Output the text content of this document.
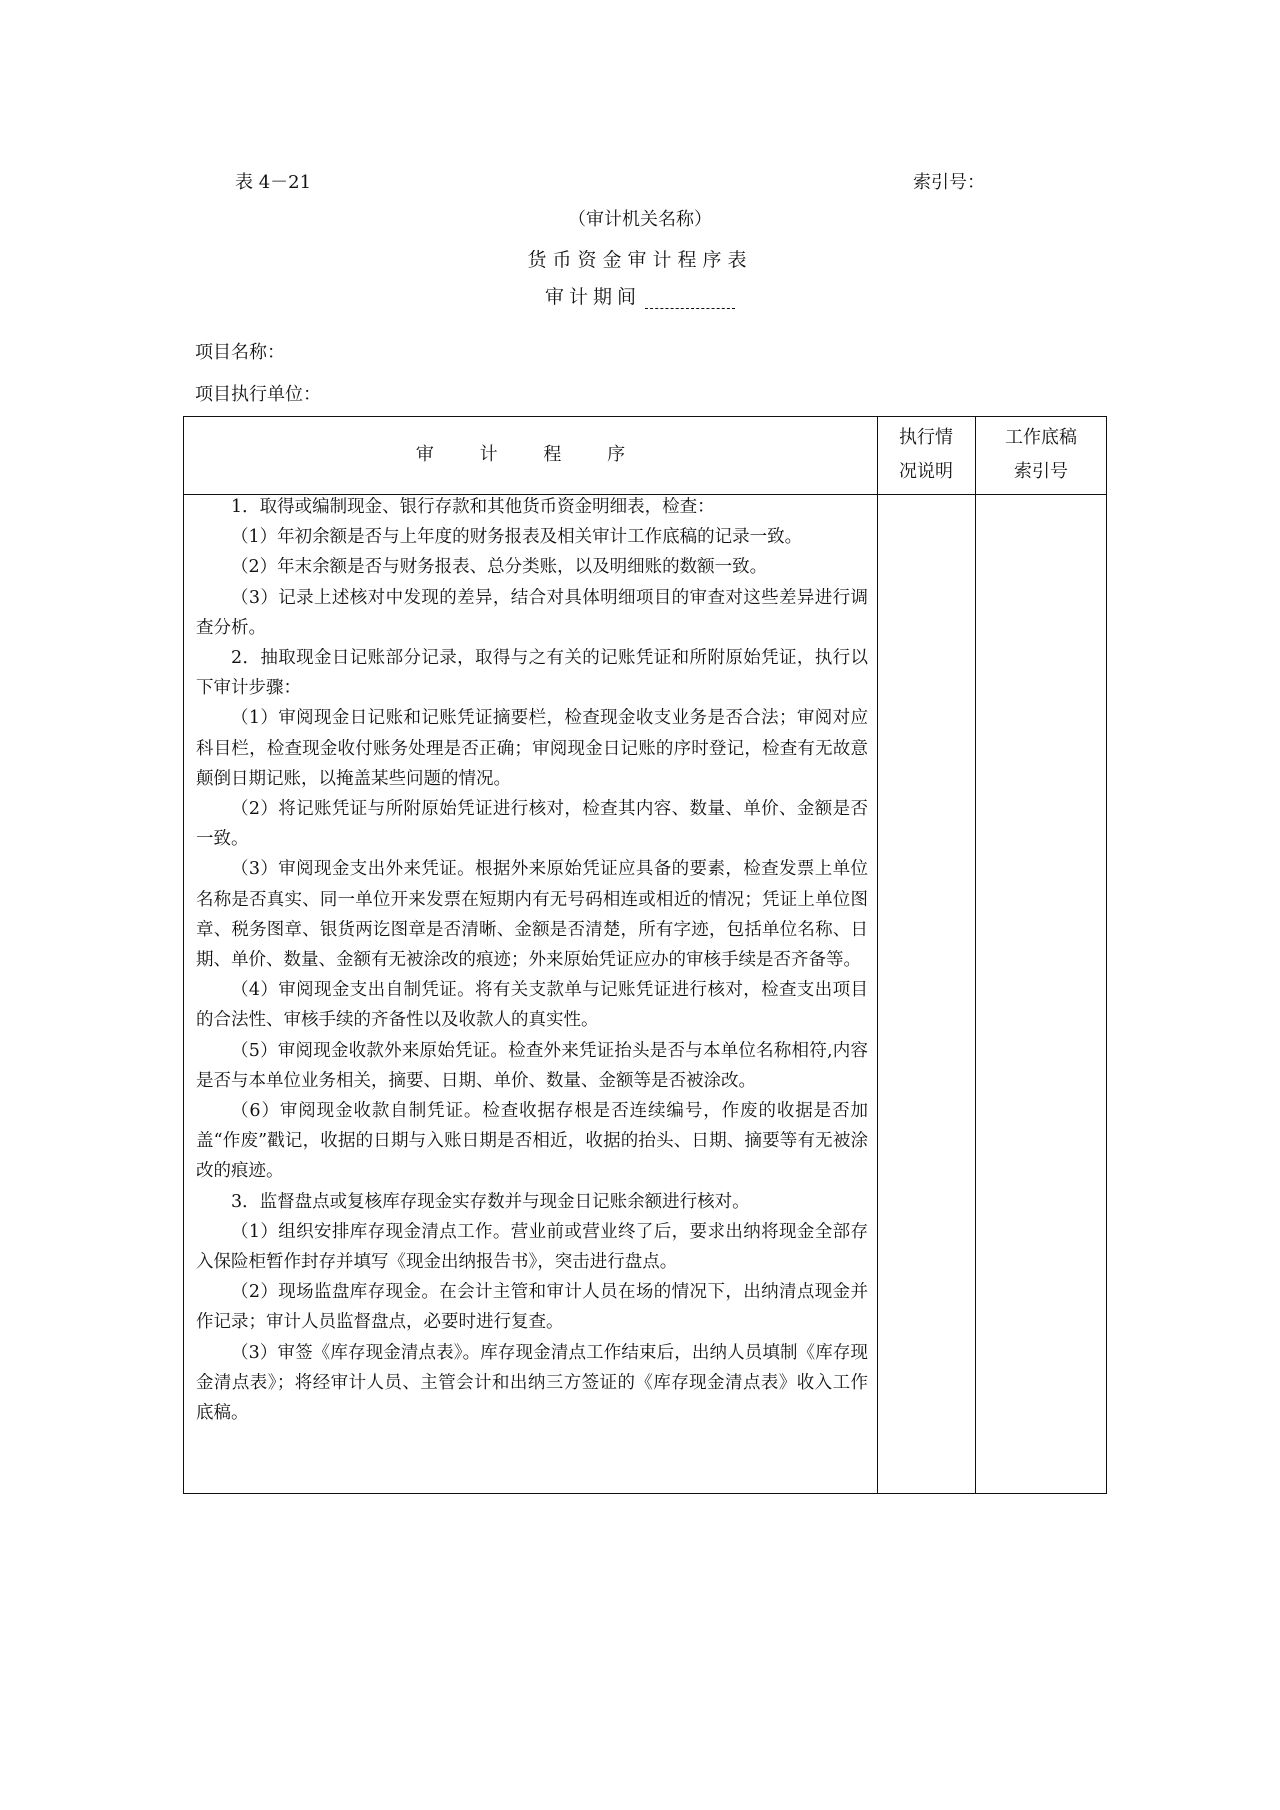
表 4－21	索引号：
（审计机关名称）
货币资金审计程序表
审计期间
项目名称：
项目执行单位：
审 计 程 序
执行情
况说明
工作底稿
索引号

1．取得或编制现金、银行存款和其他货币资金明细表，检查：

（1）年初余额是否与上年度的财务报表及相关审计工作底稿的记录一致。

（2）年末余额是否与财务报表、总分类账，以及明细账的数额一致。

（3）记录上述核对中发现的差异，结合对具体明细项目的审查对这些差异进行调查分析。

2．抽取现金日记账部分记录，取得与之有关的记账凭证和所附原始凭证，执行以下审计步骤：

（1）审阅现金日记账和记账凭证摘要栏，检查现金收支业务是否合法；审阅对应科目栏，检查现金收付账务处理是否正确；审阅现金日记账的序时登记，检查有无故意颠倒日期记账，以掩盖某些问题的情况。

（2）将记账凭证与所附原始凭证进行核对，检查其内容、数量、单价、金额是否一致。

（3）审阅现金支出外来凭证。根据外来原始凭证应具备的要素，检查发票上单位名称是否真实、同一单位开来发票在短期内有无号码相连或相近的情况；凭证上单位图章、税务图章、银货两讫图章是否清晰、金额是否清楚，所有字迹，包括单位名称、日期、单价、数量、金额有无被涂改的痕迹；外来原始凭证应办的审核手续是否齐备等。

（4）审阅现金支出自制凭证。将有关支款单与记账凭证进行核对，检查支出项目的合法性、审核手续的齐备性以及收款人的真实性。

（5）审阅现金收款外来原始凭证。检查外来凭证抬头是否与本单位名称相符,内容是否与本单位业务相关，摘要、日期、单价、数量、金额等是否被涂改。

（6）审阅现金收款自制凭证。检查收据存根是否连续编号，作废的收据是否加盖“作废”戳记，收据的日期与入账日期是否相近，收据的抬头、日期、摘要等有无被涂改的痕迹。

3．监督盘点或复核库存现金实存数并与现金日记账余额进行核对。

（1）组织安排库存现金清点工作。营业前或营业终了后，要求出纳将现金全部存入保险柜暂作封存并填写《现金出纳报告书》，突击进行盘点。

（2）现场监盘库存现金。在会计主管和审计人员在场的情况下，出纳清点现金并作记录；审计人员监督盘点，必要时进行复查。

（3）审签《库存现金清点表》。库存现金清点工作结束后，出纳人员填制《库存现金清点表》；将经审计人员、主管会计和出纳三方签证的《库存现金清点表》收入工作底稿。
